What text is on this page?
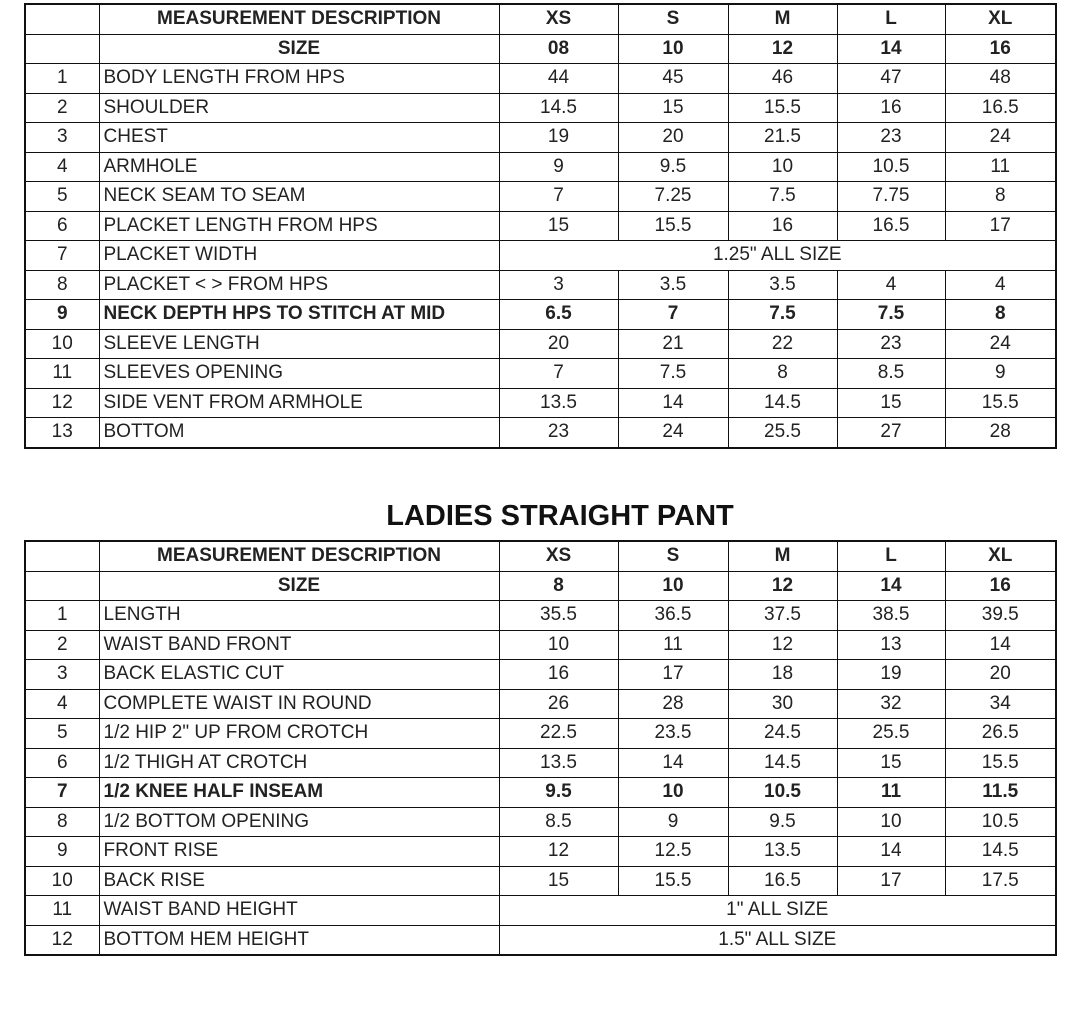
	MEASUREMENT DESCRIPTION	XS	S	M	L	XL
	SIZE	08	10	12	14	16
1	BODY LENGTH FROM HPS	44	45	46	47	48
2	SHOULDER	14.5	15	15.5	16	16.5
3	CHEST	19	20	21.5	23	24
4	ARMHOLE	9	9.5	10	10.5	11
5	NECK SEAM TO SEAM	7	7.25	7.5	7.75	8
6	PLACKET LENGTH FROM HPS	15	15.5	16	16.5	17
7	PLACKET WIDTH	1.25" ALL SIZE				
8	PLACKET < > FROM HPS	3	3.5	3.5	4	4
9	NECK DEPTH HPS TO STITCH AT MID	6.5	7	7.5	7.5	8
10	SLEEVE LENGTH	20	21	22	23	24
11	SLEEVES OPENING	7	7.5	8	8.5	9
12	SIDE VENT FROM ARMHOLE	13.5	14	14.5	15	15.5
13	BOTTOM	23	24	25.5	27	28
LADIES STRAIGHT PANT
	MEASUREMENT DESCRIPTION	XS	S	M	L	XL
	SIZE	8	10	12	14	16
1	LENGTH	35.5	36.5	37.5	38.5	39.5
2	WAIST BAND FRONT	10	11	12	13	14
3	BACK ELASTIC CUT	16	17	18	19	20
4	COMPLETE WAIST IN ROUND	26	28	30	32	34
5	1/2 HIP 2" UP FROM CROTCH	22.5	23.5	24.5	25.5	26.5
6	1/2 THIGH AT CROTCH	13.5	14	14.5	15	15.5
7	1/2 KNEE HALF INSEAM	9.5	10	10.5	11	11.5
8	1/2 BOTTOM OPENING	8.5	9	9.5	10	10.5
9	FRONT RISE	12	12.5	13.5	14	14.5
10	BACK RISE	15	15.5	16.5	17	17.5
11	WAIST BAND HEIGHT	1" ALL SIZE				
12	BOTTOM HEM HEIGHT	1.5" ALL SIZE				
